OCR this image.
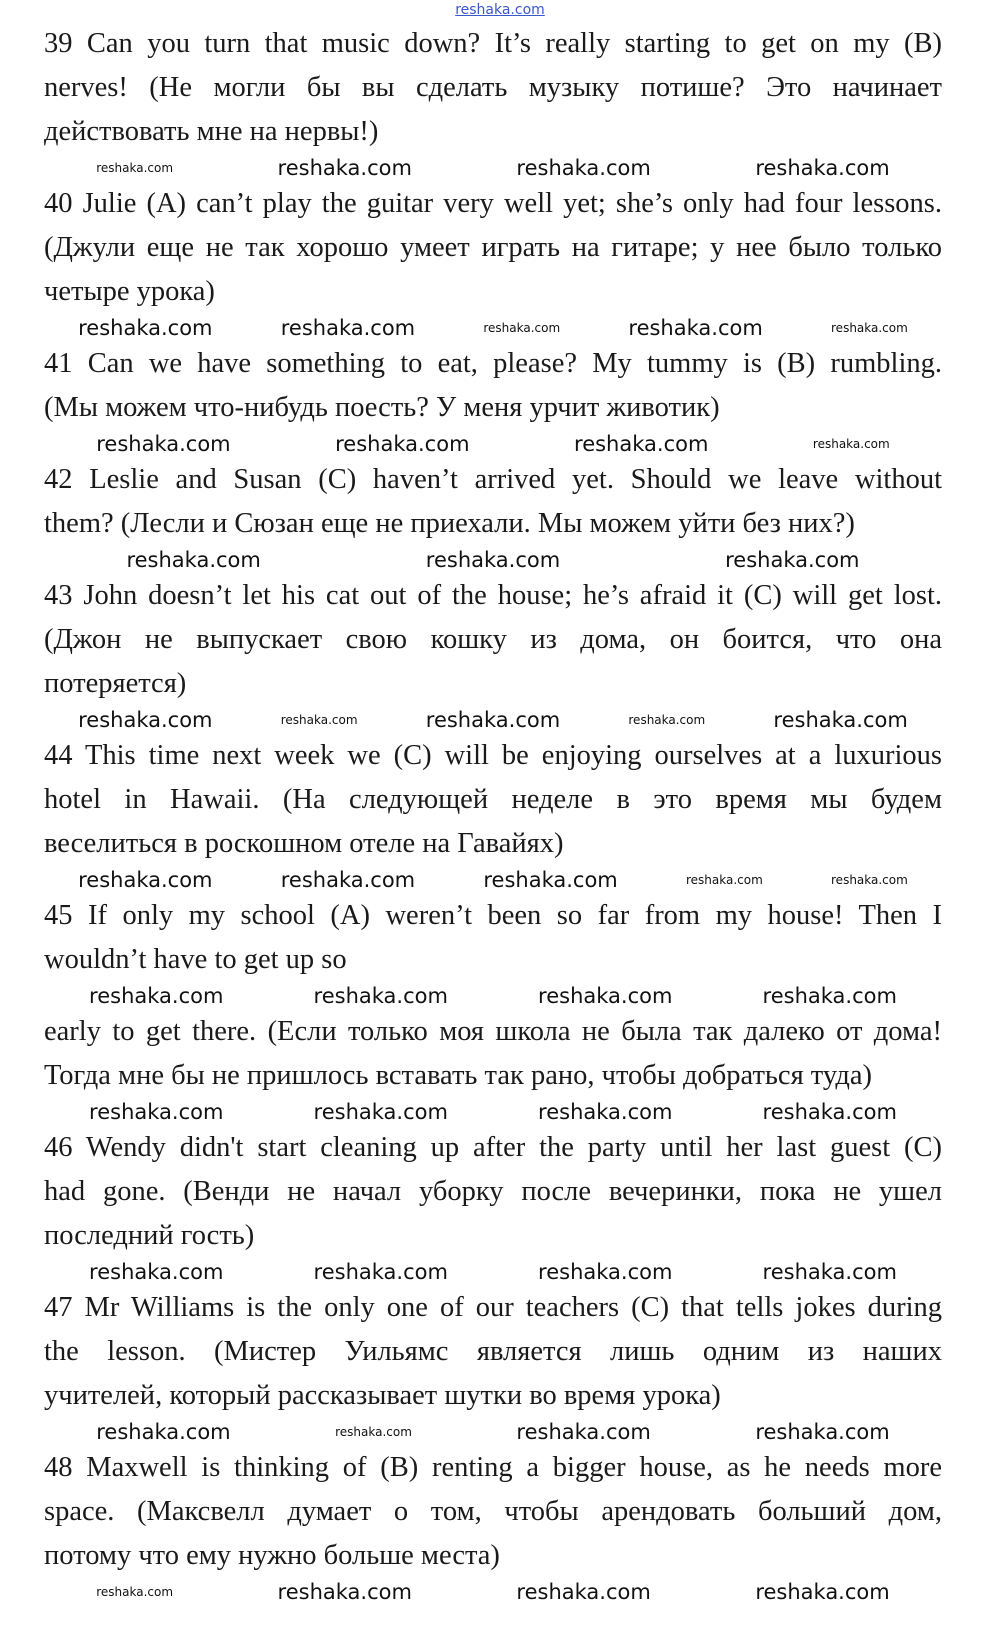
reshaka.com
39 Can you turn that music down? It’s really starting to get on my (B)
nerves! (Не могли бы вы сделать музыку потише? Это начинает
действовать мне на нервы!)
reshaka.com	reshaka.com	reshaka.com	reshaka.com
40 Julie (A) can’t play the guitar very well yet; she’s only had four lessons.
(Джули еще не так хорошо умеет играть на гитаре; у нее было только
четыре урока)
reshaka.com	reshaka.com	reshaka.com	reshaka.com	reshaka.com
41 Can we have something to eat, please? My tummy is (B) rumbling.
(Мы можем что-нибудь поесть? У меня урчит животик)
reshaka.com	reshaka.com	reshaka.com	reshaka.com
42 Leslie and Susan (C) haven’t arrived yet. Should we leave without
them? (Лесли и Сюзан еще не приехали. Мы можем уйти без них?)
reshaka.com	reshaka.com	reshaka.com
43 John doesn’t let his cat out of the house; he’s afraid it (C) will get lost.
(Джон не выпускает свою кошку из дома, он боится, что она
потеряется)
reshaka.com	reshaka.com	reshaka.com	reshaka.com	reshaka.com
44 This time next week we (C) will be enjoying ourselves at a luxurious
hotel in Hawaii. (На следующей неделе в это время мы будем
веселиться в роскошном отеле на Гавайях)
reshaka.com	reshaka.com	reshaka.com	reshaka.com	reshaka.com
45 If only my school (A) weren’t been so far from my house! Then I
wouldn’t have to get up so
reshaka.com	reshaka.com	reshaka.com	reshaka.com
early to get there. (Если только моя школа не была так далеко от дома!
Тогда мне бы не пришлось вставать так рано, чтобы добраться туда)
reshaka.com	reshaka.com	reshaka.com	reshaka.com
46 Wendy didn't start cleaning up after the party until her last guest (C)
had gone. (Венди не начал уборку после вечеринки, пока не ушел
последний гость)
reshaka.com	reshaka.com	reshaka.com	reshaka.com
47 Mr Williams is the only one of our teachers (C) that tells jokes during
the lesson. (Мистер Уильямс является лишь одним из наших
учителей, который рассказывает шутки во время урока)
reshaka.com	reshaka.com	reshaka.com	reshaka.com
48 Maxwell is thinking of (B) renting a bigger house, as he needs more
space. (Максвелл думает о том, чтобы арендовать больший дом,
потому что ему нужно больше места)
reshaka.com	reshaka.com	reshaka.com	reshaka.com
